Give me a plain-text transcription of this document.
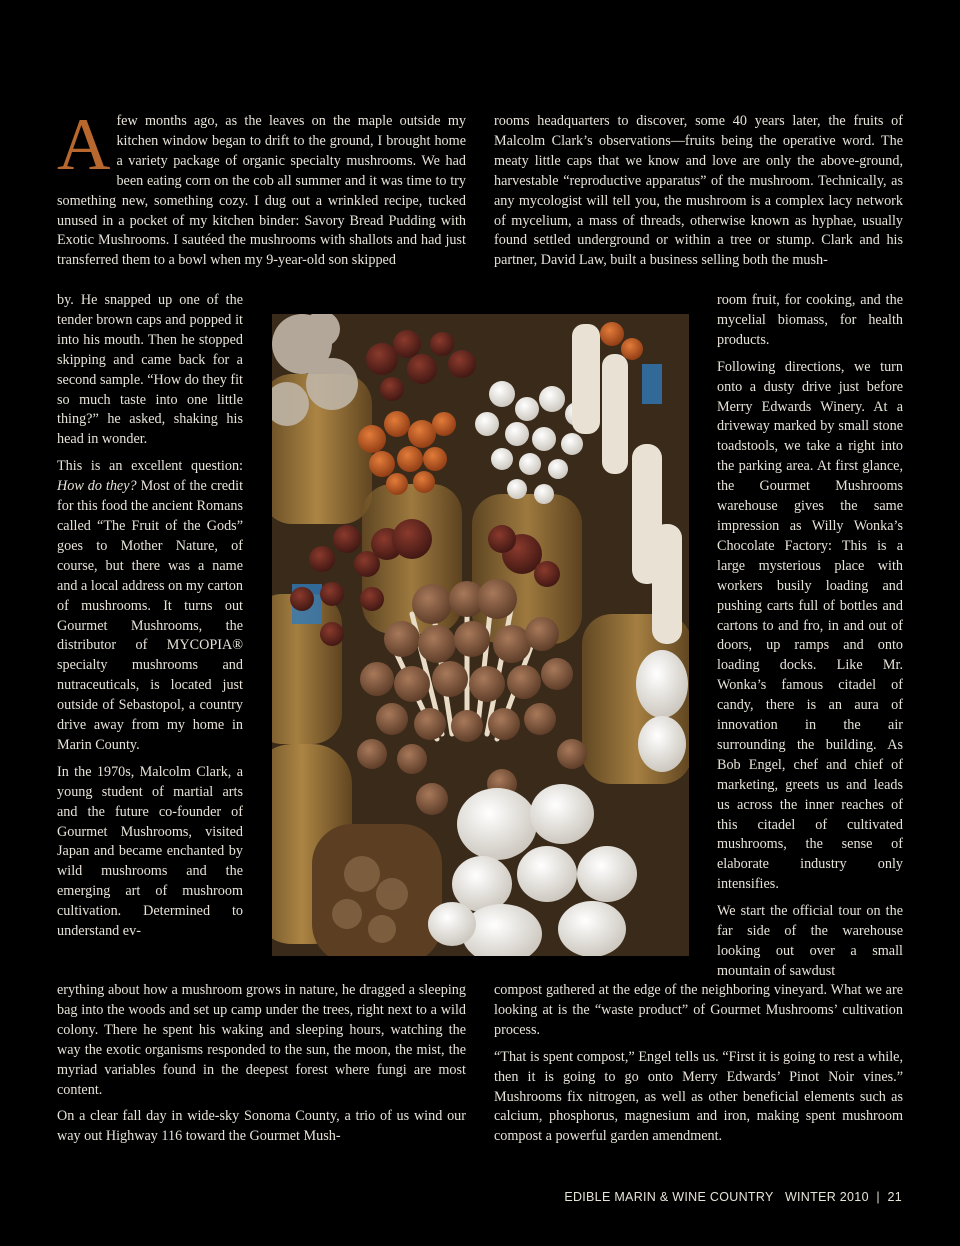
Afew months ago, as the leaves on the maple outside my kitchen window began to drift to the ground, I brought home a variety package of organic specialty mushrooms. We had been eating corn on the cob all summer and it was time to try something new, something cozy. I dug out a wrinkled recipe, tucked unused in a pocket of my kitchen binder: Savory Bread Pudding with Exotic Mushrooms. I sautéed the mushrooms with shallots and had just transferred them to a bowl when my 9-year-old son skipped

by. He snapped up one of the tender brown caps and popped it into his mouth. Then he stopped skipping and came back for a second sample. “How do they fit so much taste into one little thing?” he asked, shaking his head in wonder.

This is an excellent question: How do they? Most of the credit for this food the ancient Romans called “The Fruit of the Gods” goes to Mother Nature, of course, but there was a name and a local address on my carton of mushrooms. It turns out Gourmet Mushrooms, the distributor of MYCOPIA® specialty mushrooms and nutraceuticals, is located just outside of Sebastopol, a country drive away from my home in Marin County.

In the 1970s, Malcolm Clark, a young student of martial arts and the future co-founder of Gourmet Mushrooms, visited Japan and became enchanted by wild mushrooms and the emerging art of mushroom cultivation. Determined to understand ev-

erything about how a mushroom grows in nature, he dragged a sleeping bag into the woods and set up camp under the trees, right next to a wild colony. There he spent his waking and sleeping hours, watching the way the exotic organisms responded to the sun, the moon, the mist, the myriad variables found in the deepest forest where fungi are most content.

On a clear fall day in wide-sky Sonoma County, a trio of us wind our way out Highway 116 toward the Gourmet Mush-

rooms headquarters to discover, some 40 years later, the fruits of Malcolm Clark’s observations—fruits being the operative word. The meaty little caps that we know and love are only the above-ground, harvestable “reproductive apparatus” of the mushroom. Technically, as any mycologist will tell you, the mushroom is a complex lacy network of mycelium, a mass of threads, otherwise known as hyphae, usually found settled underground or within a tree or stump. Clark and his partner, David Law, built a business selling both the mush-

room fruit, for cooking, and the mycelial biomass, for health products.

Following directions, we turn onto a dusty drive just before Merry Edwards Winery. At a driveway marked by small stone toadstools, we take a right into the parking area. At first glance, the Gourmet Mushrooms warehouse gives the same impression as Willy Wonka’s Chocolate Factory: This is a large mysterious place with workers busily loading and pushing carts full of bottles and cartons to and fro, in and out of doors, up ramps and onto loading docks. Like Mr. Wonka’s famous citadel of candy, there is an aura of innovation in the air surrounding the building. As Bob Engel, chef and chief of marketing, greets us and leads us across the inner reaches of this citadel of cultivated mushrooms, the sense of elaborate industry only intensifies.

We start the official tour on the far side of the warehouse looking out over a small mountain of sawdust

compost gathered at the edge of the neighboring vineyard. What we are looking at is the “waste product” of Gourmet Mushrooms’ cultivation process.

“That is spent compost,” Engel tells us. “First it is going to rest a while, then it is going to go onto Merry Edwards’ Pinot Noir vines.” Mushrooms fix nitrogen, as well as other beneficial elements such as calcium, phosphorus, magnesium and iron, making spent mushroom compost a powerful garden amendment.

EDIBLE MARIN & WINE COUNTRY WINTER 2010 | 21
